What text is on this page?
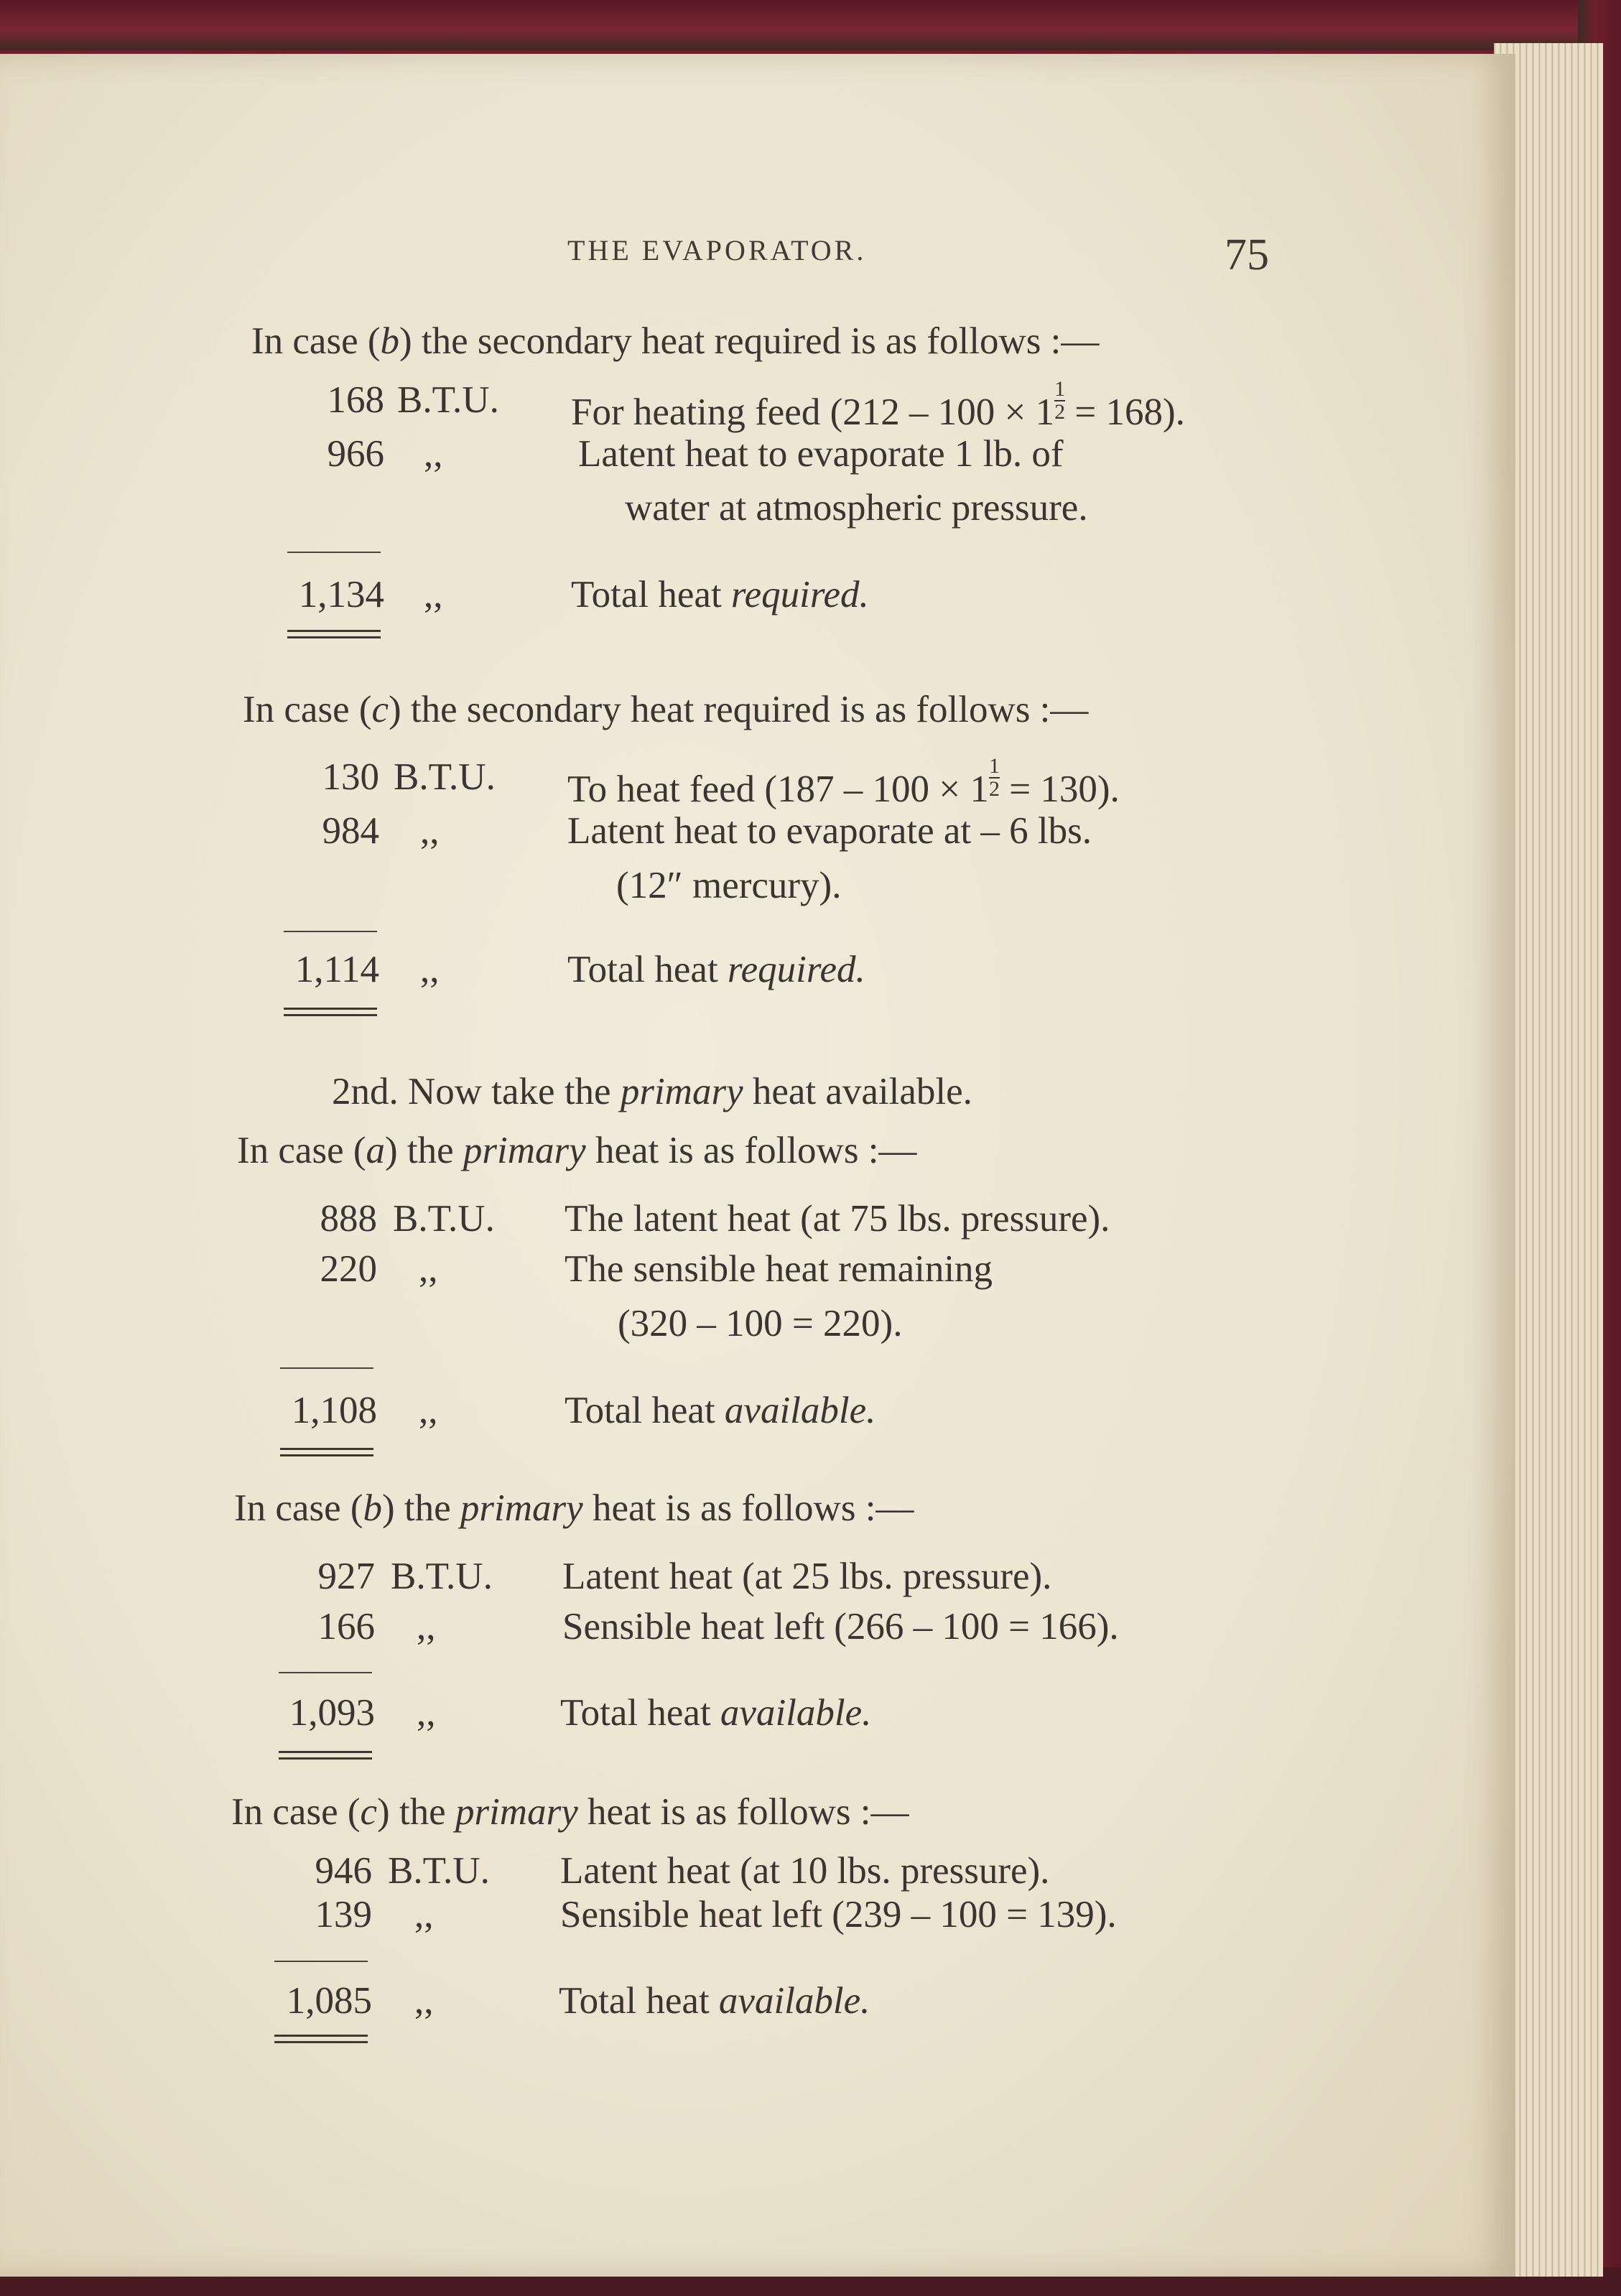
THE EVAPORATOR.	75
In case (b) the secondary heat required is as follows :—
168 B.T.U.	For heating feed $(212 - 100 \times 1 \frac{1}{2} = 168)$.
966 ,,	Latent heat to evaporate 1 lb. of
water at atmospheric pressure.
1,134 ,,	Total heat required.
In case (c) the secondary heat required is as follows :—
130 B.T.U.	To heat feed $(187 - 100 \times 1 \frac{1}{2} = 130)$.
984 ,,	Latent heat to evaporate at – 6 lbs.
(12″ mercury).
1,114 ,,	Total heat required.
2nd. Now take the primary heat available.
In case (a) the primary heat is as follows :—
888 B.T.U.	The latent heat (at 75 lbs. pressure).
220 ,,	The sensible heat remaining
(320 – 100 = 220).
1,108 ,,	Total heat available.
In case (b) the primary heat is as follows :—
927 B.T.U.	Latent heat (at 25 lbs. pressure).
166 ,,	Sensible heat left (266 – 100 = 166).
1,093 ,,	Total heat available.
In case (c) the primary heat is as follows :—
946 B.T.U.	Latent heat (at 10 lbs. pressure).
139 ,,	Sensible heat left (239 – 100 = 139).
1,085 ,,	Total heat available.
